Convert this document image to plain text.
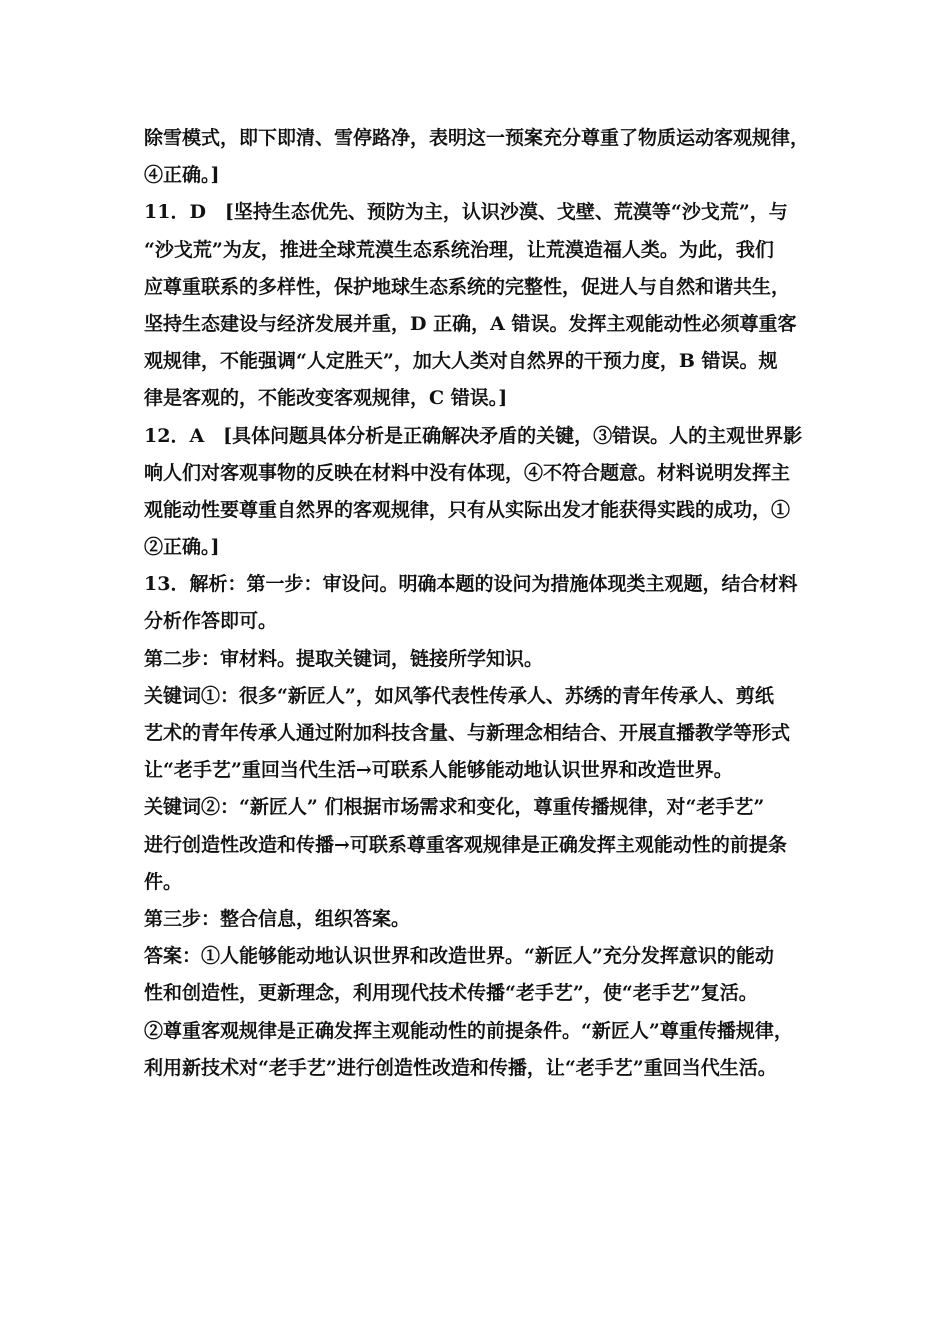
除雪模式，即下即清、雪停路净，表明这一预案充分尊重了物质运动客观规律，
④正确。]
11．D　[坚持生态优先、预防为主，认识沙漠、戈壁、荒漠等“沙戈荒”，与
“沙戈荒”为友，推进全球荒漠生态系统治理，让荒漠造福人类。为此，我们
应尊重联系的多样性，保护地球生态系统的完整性，促进人与自然和谐共生，
坚持生态建设与经济发展并重，D 正确，A 错误。发挥主观能动性必须尊重客
观规律，不能强调“人定胜天”，加大人类对自然界的干预力度，B 错误。规
律是客观的，不能改变客观规律，C 错误。]
12．A　[具体问题具体分析是正确解决矛盾的关键，③错误。人的主观世界影
响人们对客观事物的反映在材料中没有体现，④不符合题意。材料说明发挥主
观能动性要尊重自然界的客观规律，只有从实际出发才能获得实践的成功，①
②正确。]
13．解析：第一步：审设问。明确本题的设问为措施体现类主观题，结合材料
分析作答即可。
第二步：审材料。提取关键词，链接所学知识。
关键词①：很多“新匠人”，如风筝代表性传承人、苏绣的青年传承人、剪纸
艺术的青年传承人通过附加科技含量、与新理念相结合、开展直播教学等形式
让“老手艺”重回当代生活→可联系人能够能动地认识世界和改造世界。
关键词②：“新匠人” 们根据市场需求和变化，尊重传播规律，对“老手艺”
进行创造性改造和传播→可联系尊重客观规律是正确发挥主观能动性的前提条
件。
第三步：整合信息，组织答案。
答案：①人能够能动地认识世界和改造世界。“新匠人”充分发挥意识的能动
性和创造性，更新理念，利用现代技术传播“老手艺”，使“老手艺”复活。
②尊重客观规律是正确发挥主观能动性的前提条件。“新匠人”尊重传播规律，
利用新技术对“老手艺”进行创造性改造和传播，让“老手艺”重回当代生活。
